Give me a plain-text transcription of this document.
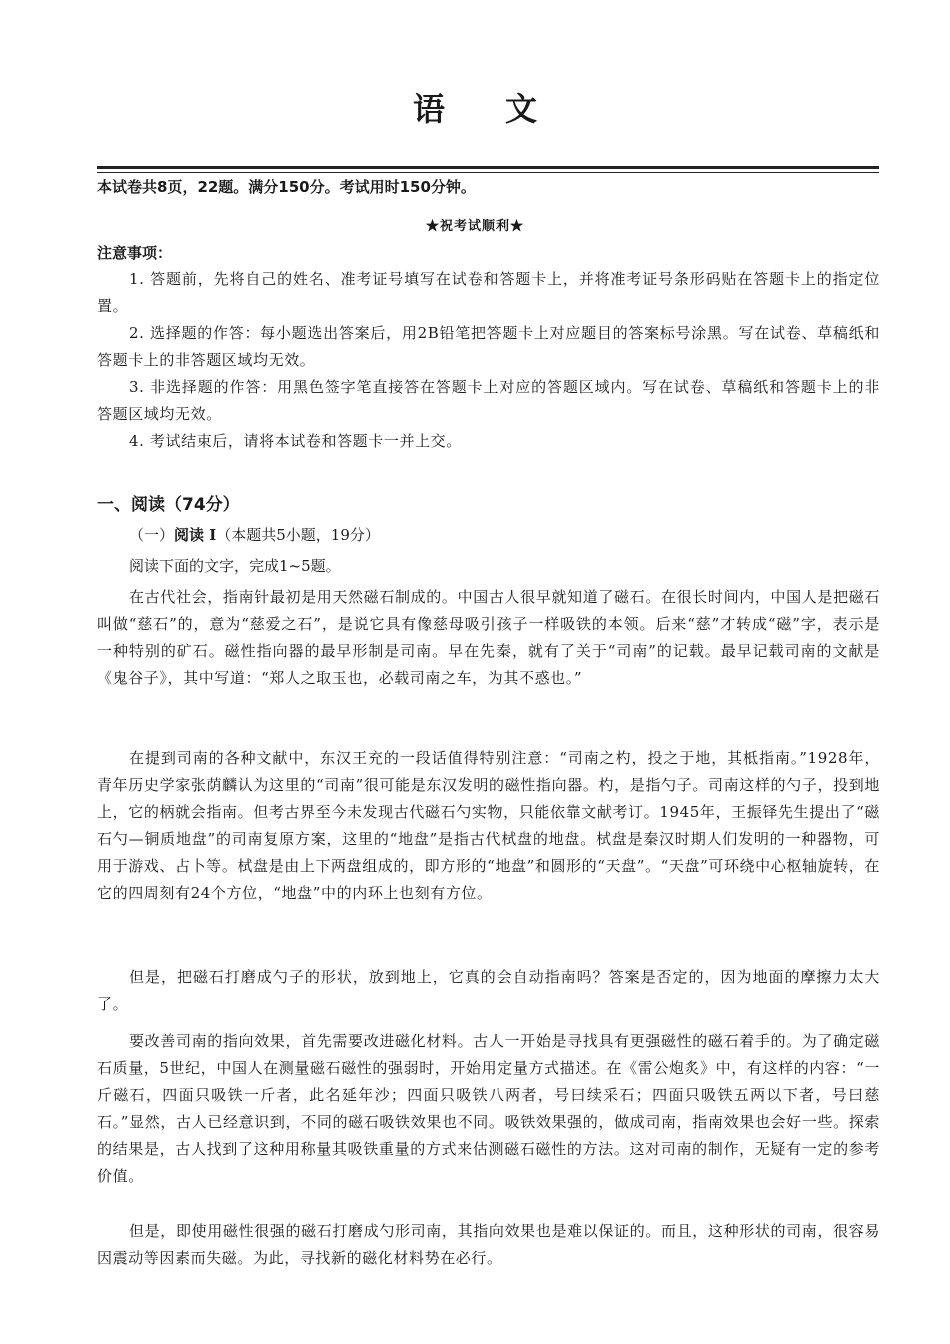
语文
本试卷共8页，22题。满分150分。考试用时150分钟。
★祝考试顺利★
注意事项：
1. 答题前，先将自己的姓名、准考证号填写在试卷和答题卡上，并将准考证号条形码贴在答题卡上的指定位置。
2. 选择题的作答：每小题选出答案后，用2B铅笔把答题卡上对应题目的答案标号涂黑。写在试卷、草稿纸和答题卡上的非答题区域均无效。
3. 非选择题的作答：用黑色签字笔直接答在答题卡上对应的答题区域内。写在试卷、草稿纸和答题卡上的非答题区域均无效。
4. 考试结束后，请将本试卷和答题卡一并上交。
一、阅读（74分）
（一）阅读 I（本题共5小题，19分）
阅读下面的文字，完成1~5题。
在古代社会，指南针最初是用天然磁石制成的。中国古人很早就知道了磁石。在很长时间内，中国人是把磁石叫做“慈石”的，意为“慈爱之石”，是说它具有像慈母吸引孩子一样吸铁的本领。后来“慈”才转成“磁”字，表示是一种特别的矿石。磁性指向器的最早形制是司南。早在先秦，就有了关于“司南”的记载。最早记载司南的文献是《鬼谷子》，其中写道：“郑人之取玉也，必载司南之车，为其不惑也。”
在提到司南的各种文献中，东汉王充的一段话值得特别注意：“司南之杓，投之于地，其柢指南。”1928年，青年历史学家张荫麟认为这里的“司南”很可能是东汉发明的磁性指向器。杓，是指勺子。司南这样的勺子，投到地上，它的柄就会指南。但考古界至今未发现古代磁石勺实物，只能依靠文献考订。1945年，王振铎先生提出了“磁石勺—铜质地盘”的司南复原方案，这里的“地盘”是指古代栻盘的地盘。栻盘是秦汉时期人们发明的一种器物，可用于游戏、占卜等。栻盘是由上下两盘组成的，即方形的“地盘”和圆形的“天盘”。“天盘”可环绕中心枢轴旋转，在它的四周刻有24个方位，“地盘”中的内环上也刻有方位。
但是，把磁石打磨成勺子的形状，放到地上，它真的会自动指南吗？答案是否定的，因为地面的摩擦力太大了。
要改善司南的指向效果，首先需要改进磁化材料。古人一开始是寻找具有更强磁性的磁石着手的。为了确定磁石质量，5世纪，中国人在测量磁石磁性的强弱时，开始用定量方式描述。在《雷公炮炙》中，有这样的内容：“一斤磁石，四面只吸铁一斤者，此名延年沙；四面只吸铁八两者，号曰续采石；四面只吸铁五两以下者，号曰慈石。”显然，古人已经意识到，不同的磁石吸铁效果也不同。吸铁效果强的，做成司南，指南效果也会好一些。探索的结果是，古人找到了这种用称量其吸铁重量的方式来估测磁石磁性的方法。这对司南的制作，无疑有一定的参考价值。
但是，即使用磁性很强的磁石打磨成勺形司南，其指向效果也是难以保证的。而且，这种形状的司南，很容易因震动等因素而失磁。为此，寻找新的磁化材料势在必行。
